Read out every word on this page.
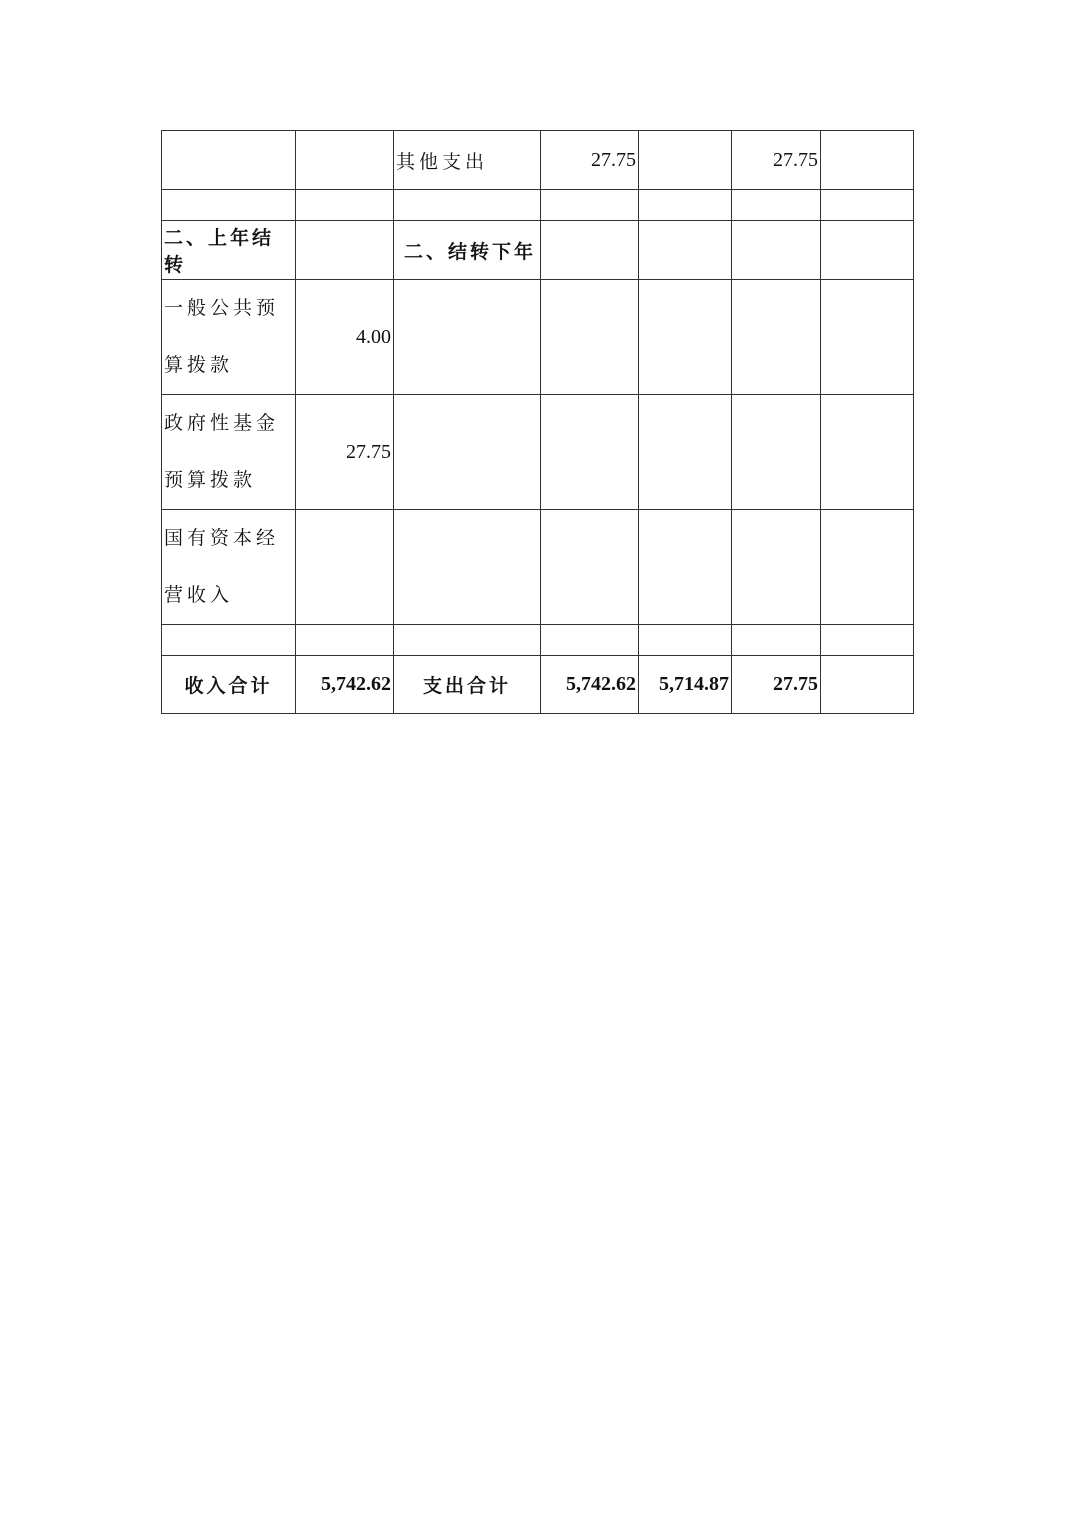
		其他支出	27.75		27.75	

二、上年结转		二、结转下年				
一般公共预算拨款	4.00					
政府性基金预算拨款	27.75					
国有资本经营收入						

收入合计	5,742.62	支出合计	5,742.62	5,714.87	27.75	
